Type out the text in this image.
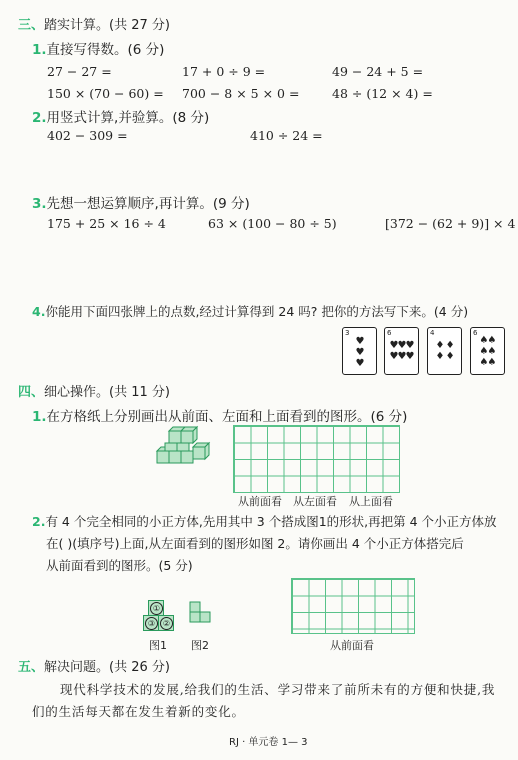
三、踏实计算。(共 27 分)
1.直接写得数。(6 分)
27 − 27 =	17 + 0 ÷ 9 =	49 − 24 + 5 =
150 × (70 − 60) = 700 − 8 × 5 × 0 =	48 ÷ (12 × 4) =
2.用竖式计算,并验算。(8 分)
402 − 309 =	410 ÷ 24 =
3.先想一想运算顺序,再计算。(9 分)
175 + 25 × 16 ÷ 4	63 × (100 − 80 ÷ 5)	[372 − (62 + 9)] × 4
4.你能用下面四张牌上的点数,经过计算得到 24 吗? 把你的方法写下来。(4 分)
3
♥
♥
♥
6
♥♥♥
♥♥♥
4
♦ ♦
♦ ♦
6
♠♠
♠♠
♠♠
四、细心操作。(共 11 分)
1.在方格纸上分别画出从前面、左面和上面看到的图形。(6 分)
从前面看 从左面看 从上面看
2.有 4 个完全相同的小正方体,先用其中 3 个搭成图1的形状,再把第 4 个小正方体放
在( )(填序号)上面,从左面看到的图形如图 2。请你画出 4 个小正方体搭完后
从前面看到的图形。(5 分)
①
③ ②
图1 图2	从前面看
五、解决问题。(共 26 分)
现代科学技术的发展,给我们的生活、学习带来了前所未有的方便和快捷,我
们的生活每天都在发生着新的变化。
RJ · 单元卷 1— 3
